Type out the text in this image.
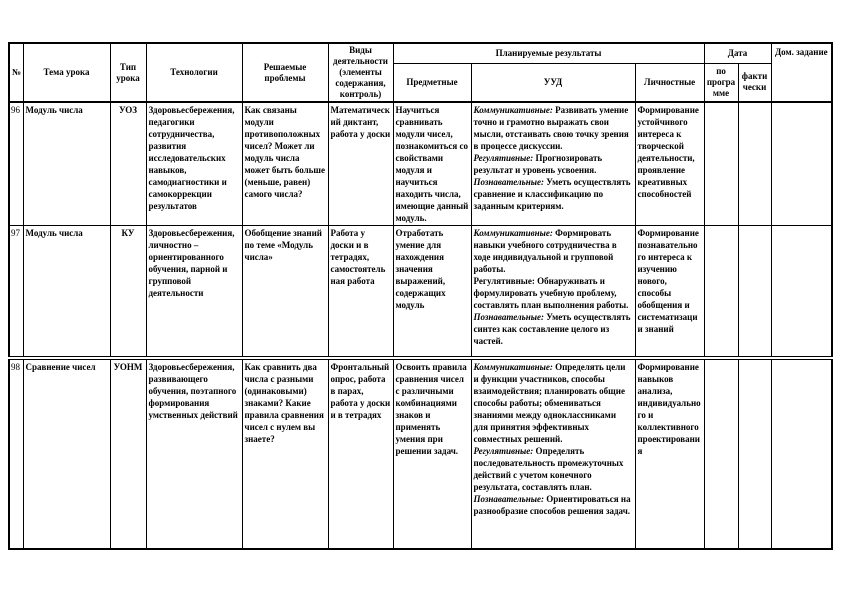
№	Тема урока	Тип урока	Технологии	Решаемые проблемы	Виды деятельности (элементы содержания, контроль)	Планируемые результаты			Дата		Дом. задание
						Предметные	УУД	Личностные	по программе	фактически	
96	Модуль числа	УОЗ	Здоровьесбережения, педагогики сотрудничества, развития исследовательских навыков, самодиагностики и самокоррекции результатов	Как связаны модули противоположных чисел? Может ли модуль числа может быть больше (меньше, равен) самого числа?	Математический диктант, работа у доски	Научиться сравнивать модули чисел, познакомиться со свойствами модуля и научиться находить числа, имеющие данный модуль.	Коммуникативные: Развивать умение точно и грамотно выражать свои мысли, отстаивать свою точку зрения в процессе дискуссии.
Регулятивные: Прогнозировать результат и уровень усвоения.
Познавательные: Уметь осуществлять сравнение и классификацию по заданным критериям.	Формирование устойчивого интереса к творческой деятельности, проявление креативных способностей			
97	Модуль числа	КУ	Здоровьесбережения, личностно – ориентированного обучения, парной и групповой деятельности	Обобщение знаний по теме «Модуль числа»	Работа у доски и в тетрадях, самостоятельная работа	Отработать умение для нахождения значения выражений, содержащих модуль	Коммуникативные: Формировать навыки учебного сотрудничества в ходе индивидуальной и групповой работы.
Регулятивные: Обнаруживать и формулировать учебную проблему, составлять план выполнения работы.
Познавательные: Уметь осуществлять синтез как составление целого из частей.	Формирование познавательного интереса к изучению нового, способы обобщения и систематизации знаний			
98	Сравнение чисел	УОНМ	Здоровьесбережения, развивающего обучения, поэтапного формирования умственных действий	Как сравнить два числа с разными (одинаковыми) знаками? Какие правила сравнения чисел с нулем вы знаете?	Фронтальный опрос, работа в парах, работа у доски и в тетрадях	Освоить правила сравнения чисел с различными комбинациями знаков и применять умения при решении задач.	Коммуникативные: Определять цели и функции участников, способы взаимодействия; планировать общие способы работы; обмениваться знаниями между одноклассниками для принятия эффективных совместных решений.
Регулятивные: Определять последовательность промежуточных действий с учетом конечного результата, составлять план.
Познавательные: Ориентироваться на разнообразие способов решения задач.	Формирование навыков анализа, индивидуального и коллективного проектирования			
